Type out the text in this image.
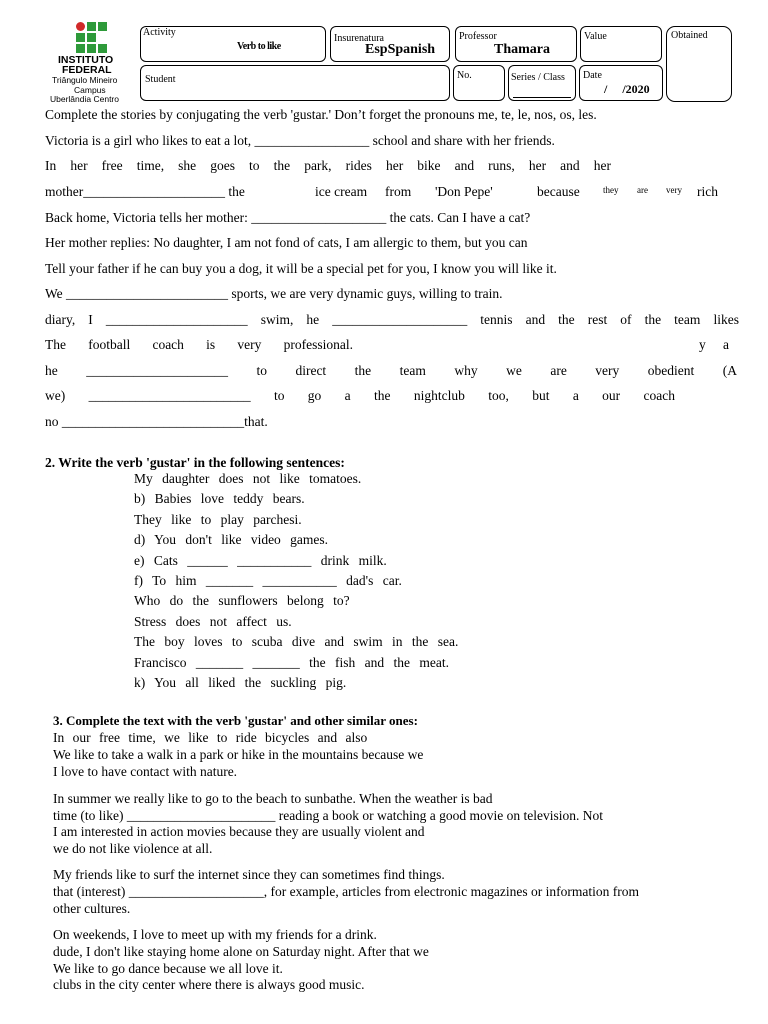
INSTITUTO
FEDERAL
Triângulo Mineiro
Campus
Uberlândia Centro
Activity
Verb to like
Insurenatura
EspSpanish
Professor
Thamara
Value	Obtained
Student	No.	Series / Class Date
/     /2020
Complete the stories by conjugating the verb 'gustar.' Don’t forget the pronouns me, te, le, nos, os, les.
Victoria is a girl who likes to eat a lot, _________________ school and share with her friends.
In her free time, she goes to the park, rides her bike and runs, her and her
mother_____________________ the	ice cream from 'Don Pepe'	because	they are very rich
Back home, Victoria tells her mother: ____________________ the cats. Can I have a cat?
Her mother replies: No daughter, I am not fond of cats, I am allergic to them, but you can
Tell your father if he can buy you a dog, it will be a special pet for you, I know you will like it.
We ________________________ sports, we are very dynamic guys, willing to train.
diary, I _____________________ swim, he ____________________ tennis and the rest of the team likes
The football coach is very professional.	y a
he _____________________ to direct the team why we are very obedient (A
we) ________________________ to go a the nightclub too, but a our coach
no ___________________________that.
2. Write the verb 'gustar' in the following sentences:
My daughter does not like tomatoes.
b) Babies love teddy bears.
They like to play parchesi.
d) You don't like video games.
e) Cats ______ ___________ drink milk.
f) To him _______ ___________ dad's car.
Who do the sunflowers belong to?
Stress does not affect us.
The boy loves to scuba dive and swim in the sea.
Francisco _______ _______ the fish and the meat.
k) You all liked the suckling pig.
3. Complete the text with the verb 'gustar' and other similar ones:
In our free time, we like to ride bicycles and also
We like to take a walk in a park or hike in the mountains because we
I love to have contact with nature.
In summer we really like to go to the beach to sunbathe. When the weather is bad
time (to like) ______________________ reading a book or watching a good movie on television. Not
I am interested in action movies because they are usually violent and
we do not like violence at all.
My friends like to surf the internet since they can sometimes find things.
that (interest) ____________________, for example, articles from electronic magazines or information from
other cultures.
On weekends, I love to meet up with my friends for a drink.
dude, I don't like staying home alone on Saturday night. After that we
We like to go dance because we all love it.
clubs in the city center where there is always good music.
